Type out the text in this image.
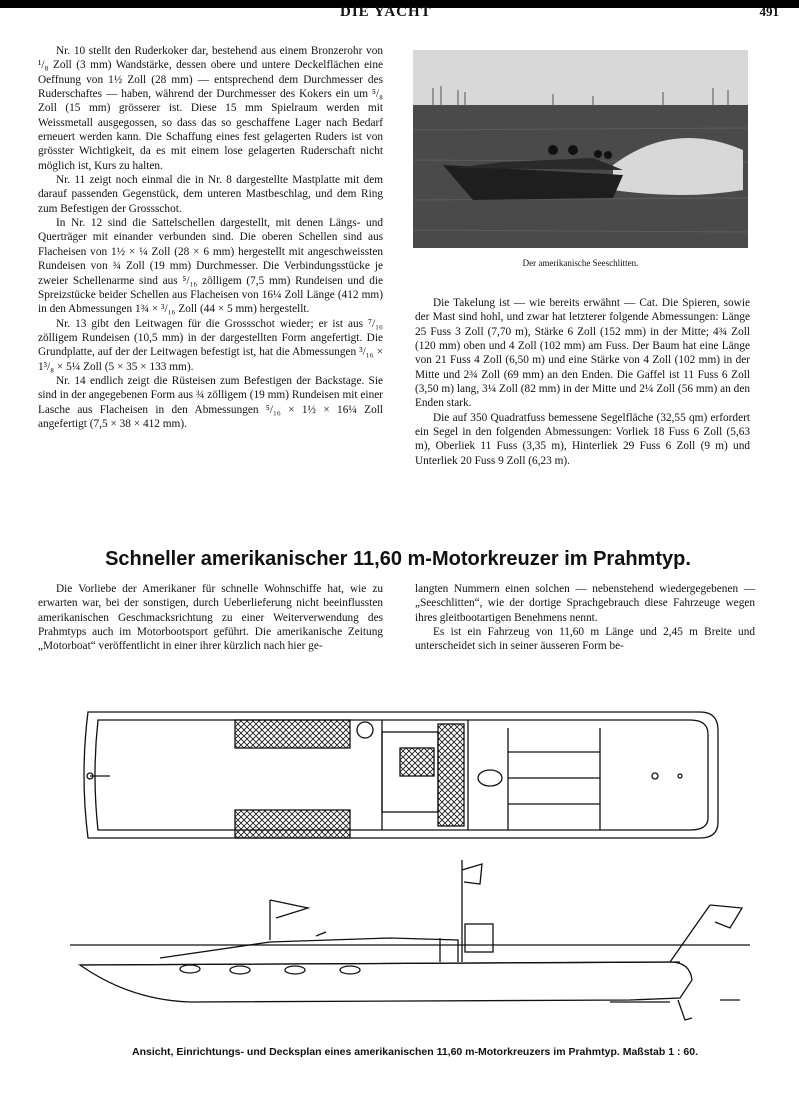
DIE YACHT	491

Nr. 10 stellt den Ruderkoker dar, bestehend aus einem Bronzerohr von ¹/₈ Zoll (3 mm) Wandstärke, dessen obere und untere Deckelflächen eine Oeffnung von 1½ Zoll (28 mm) — entsprechend dem Durchmesser des Ruderschaftes — haben, während der Durchmesser des Kokers ein um ⁵/₈ Zoll (15 mm) grösserer ist. Diese 15 mm Spielraum werden mit Weissmetall ausgegossen, so dass das so geschaffene Lager nach Bedarf erneuert werden kann. Die Schaffung eines fest gelagerten Ruders ist von grösster Wichtigkeit, da es mit einem lose gelagerten Ruderschaft nicht möglich ist, Kurs zu halten.

Nr. 11 zeigt noch einmal die in Nr. 8 dargestellte Mastplatte mit dem darauf passenden Gegenstück, dem unteren Mastbeschlag, und dem Ring zum Befestigen der Grossschot.

In Nr. 12 sind die Sattelschellen dargestellt, mit denen Längs- und Querträger mit einander verbunden sind. Die oberen Schellen sind aus Flacheisen von 1½ × ¼ Zoll (28 × 6 mm) hergestellt mit angeschweissten Rundeisen von ¾ Zoll (19 mm) Durchmesser. Die Verbindungsstücke je zweier Schellenarme sind aus ⁵/₁₆ zölligem (7,5 mm) Rundeisen und die Spreizstücke beider Schellen aus Flacheisen von 16¼ Zoll Länge (412 mm) in den Abmessungen 1¾ × ³/₁₆ Zoll (44 × 5 mm) hergestellt.

Nr. 13 gibt den Leitwagen für die Grossschot wieder; er ist aus ⁷/₁₆ zölligem Rundeisen (10,5 mm) in der dargestellten Form angefertigt. Die Grundplatte, auf der der Leitwagen befestigt ist, hat die Abmessungen ³/₁₆ × 1³/₈ × 5¼ Zoll (5 × 35 × 133 mm).

Nr. 14 endlich zeigt die Rüsteisen zum Befestigen der Backstage. Sie sind in der angegebenen Form aus ¾ zölligem (19 mm) Rundeisen mit einer Lasche aus Flacheisen in den Abmessungen ⁵/₁₆ × 1½ × 16¼ Zoll angefertigt (7,5 × 38 × 412 mm).

Der amerikanische Seeschlitten.

Die Takelung ist — wie bereits erwähnt — Cat. Die Spieren, sowie der Mast sind hohl, und zwar hat letzterer folgende Abmessungen: Länge 25 Fuss 3 Zoll (7,70 m), Stärke 6 Zoll (152 mm) in der Mitte; 4¾ Zoll (120 mm) oben und 4 Zoll (102 mm) am Fuss. Der Baum hat eine Länge von 21 Fuss 4 Zoll (6,50 m) und eine Stärke von 4 Zoll (102 mm) in der Mitte und 2¾ Zoll (69 mm) an den Enden. Die Gaffel ist 11 Fuss 6 Zoll (3,50 m) lang, 3¼ Zoll (82 mm) in der Mitte und 2¼ Zoll (56 mm) an den Enden stark.

Die auf 350 Quadratfuss bemessene Segelfläche (32,55 qm) erfordert ein Segel in den folgenden Abmessungen: Vorliek 18 Fuss 6 Zoll (5,63 m), Oberliek 11 Fuss (3,35 m), Hinterliek 29 Fuss 6 Zoll (9 m) und Unterliek 20 Fuss 9 Zoll (6,23 m).

Schneller amerikanischer 11,60 m-Motorkreuzer im Prahmtyp.

Die Vorliebe der Amerikaner für schnelle Wohnschiffe hat, wie zu erwarten war, bei der sonstigen, durch Ueberlieferung nicht beeinflussten amerikanischen Geschmacksrichtung zu einer Weiterverwendung des Prahmtyps auch im Motorbootsport geführt. Die amerikanische Zeitung „Motorboat“ veröffentlicht in einer ihrer kürzlich nach hier ge-

langten Nummern einen solchen — nebenstehend wiedergegebenen — „Seeschlitten“, wie der dortige Sprachgebrauch diese Fahrzeuge wegen ihres gleitbootartigen Benehmens nennt.

Es ist ein Fahrzeug von 11,60 m Länge und 2,45 m Breite und unterscheidet sich in seiner äusseren Form be-

Ansicht, Einrichtungs- und Decksplan eines amerikanischen 11,60 m-Motorkreuzers im Prahmtyp. Maßstab 1 : 60.
